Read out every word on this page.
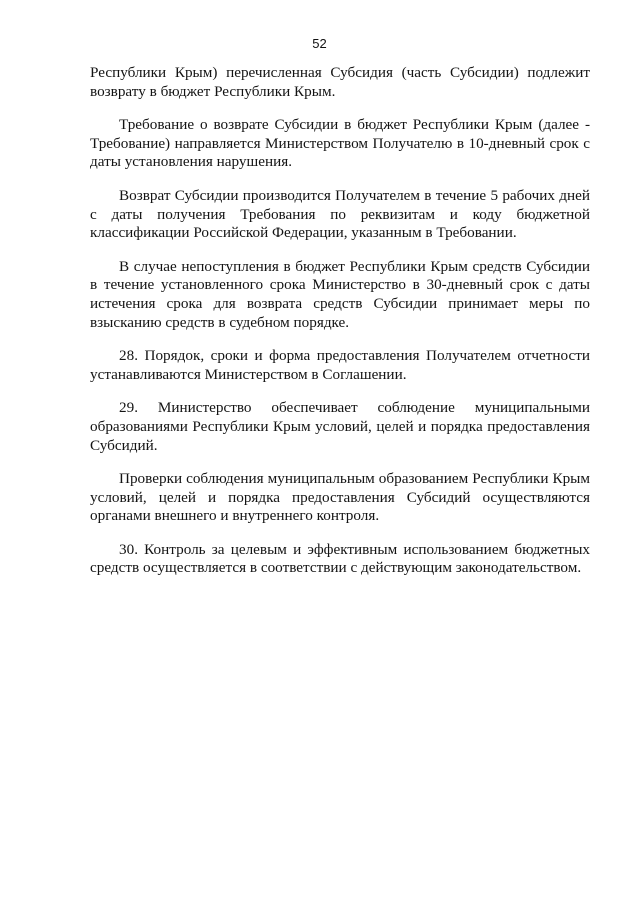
52

Республики Крым) перечисленная Субсидия (часть Субсидии) подлежит возврату в бюджет Республики Крым.

Требование о возврате Субсидии в бюджет Республики Крым (далее - Требование) направляется Министерством Получателю в 10-дневный срок с даты установления нарушения.

Возврат Субсидии производится Получателем в течение 5 рабочих дней с даты получения Требования по реквизитам и коду бюджетной классификации Российской Федерации, указанным в Требовании.

В случае непоступления в бюджет Республики Крым средств Субсидии в течение установленного срока Министерство в 30-дневный срок с даты истечения срока для возврата средств Субсидии принимает меры по взысканию средств в судебном порядке.

28. Порядок, сроки и форма предоставления Получателем отчетности устанавливаются Министерством в Соглашении.

29. Министерство обеспечивает соблюдение муниципальными образованиями Республики Крым условий, целей и порядка предоставления Субсидий.

Проверки соблюдения муниципальным образованием Республики Крым условий, целей и порядка предоставления Субсидий осуществляются органами внешнего и внутреннего контроля.

30. Контроль за целевым и эффективным использованием бюджетных средств осуществляется в соответствии с действующим законодательством.
